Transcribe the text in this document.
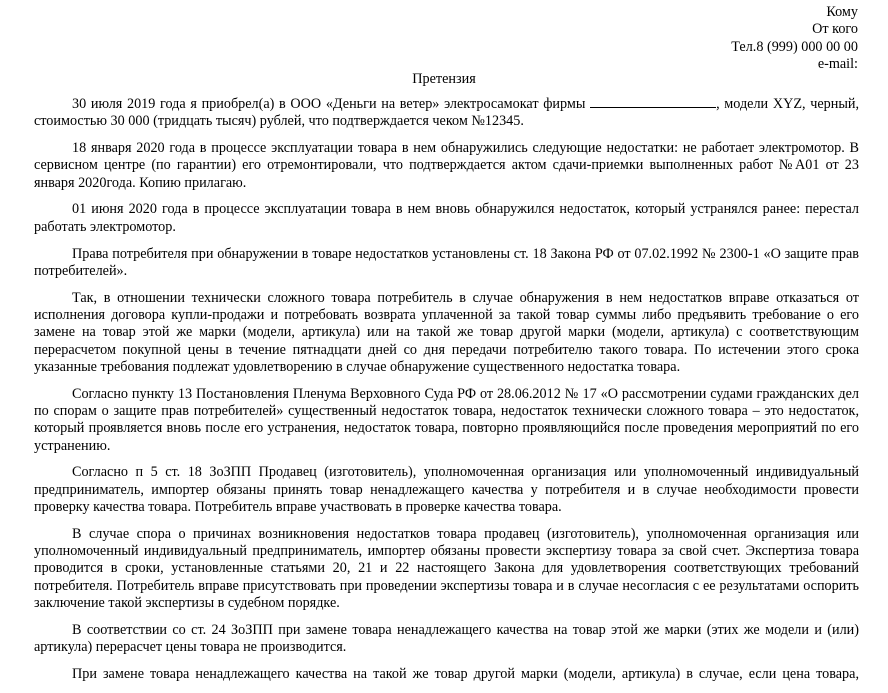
Кому
От кого
Тел.8 (999) 000 00 00
e-mail:
Претензия

30 июля 2019 года я приобрел(а) в ООО «Деньги на ветер» электросамокат фирмы	, модели XYZ, черный, стоимостью 30 000 (тридцать тысяч) рублей, что подтверждается чеком №12345.

18 января 2020 года в процессе эксплуатации товара в нем обнаружились следующие недостатки: не работает электромотор. В сервисном центре (по гарантии) его отремонтировали, что подтверждается актом сдачи-приемки выполненных работ №А01 от 23 января 2020года. Копию прилагаю.

01 июня 2020 года в процессе эксплуатации товара в нем вновь обнаружился недостаток, который устранялся ранее: перестал работать электромотор.

Права потребителя при обнаружении в товаре недостатков установлены ст. 18 Закона РФ от 07.02.1992 № 2300-1 «О защите прав потребителей».

Так, в отношении технически сложного товара потребитель в случае обнаружения в нем недостатков вправе отказаться от исполнения договора купли-продажи и потребовать возврата уплаченной за такой товар суммы либо предъявить требование о его замене на товар этой же марки (модели, артикула) или на такой же товар другой марки (модели, артикула) с соответствующим перерасчетом покупной цены в течение пятнадцати дней со дня передачи потребителю такого товара. По истечении этого срока указанные требования подлежат удовлетворению в случае обнаружение существенного недостатка товара.

Согласно пункту 13 Постановления Пленума Верховного Суда РФ от 28.06.2012 № 17 «О рассмотрении судами гражданских дел по спорам о защите прав потребителей» существенный недостаток товара, недостаток технически сложного товара – это недостаток, который проявляется вновь после его устранения, недостаток товара, повторно проявляющийся после проведения мероприятий по его устранению.

Согласно п 5 ст. 18 ЗоЗПП Продавец (изготовитель), уполномоченная организация или уполномоченный индивидуальный предприниматель, импортер обязаны принять товар ненадлежащего качества у потребителя и в случае необходимости провести проверку качества товара. Потребитель вправе участвовать в проверке качества товара.

В случае спора о причинах возникновения недостатков товара продавец (изготовитель), уполномоченная организация или уполномоченный индивидуальный предприниматель, импортер обязаны провести экспертизу товара за свой счет. Экспертиза товара проводится в сроки, установленные статьями 20, 21 и 22 настоящего Закона для удовлетворения соответствующих требований потребителя. Потребитель вправе присутствовать при проведении экспертизы товара и в случае несогласия с ее результатами оспорить заключение такой экспертизы в судебном порядке.

В соответствии со ст. 24 ЗоЗПП при замене товара ненадлежащего качества на товар этой же марки (этих же модели и (или) артикула) перерасчет цены товара не производится.

При замене товара ненадлежащего качества на такой же товар другой марки (модели, артикула) в случае, если цена товара,
